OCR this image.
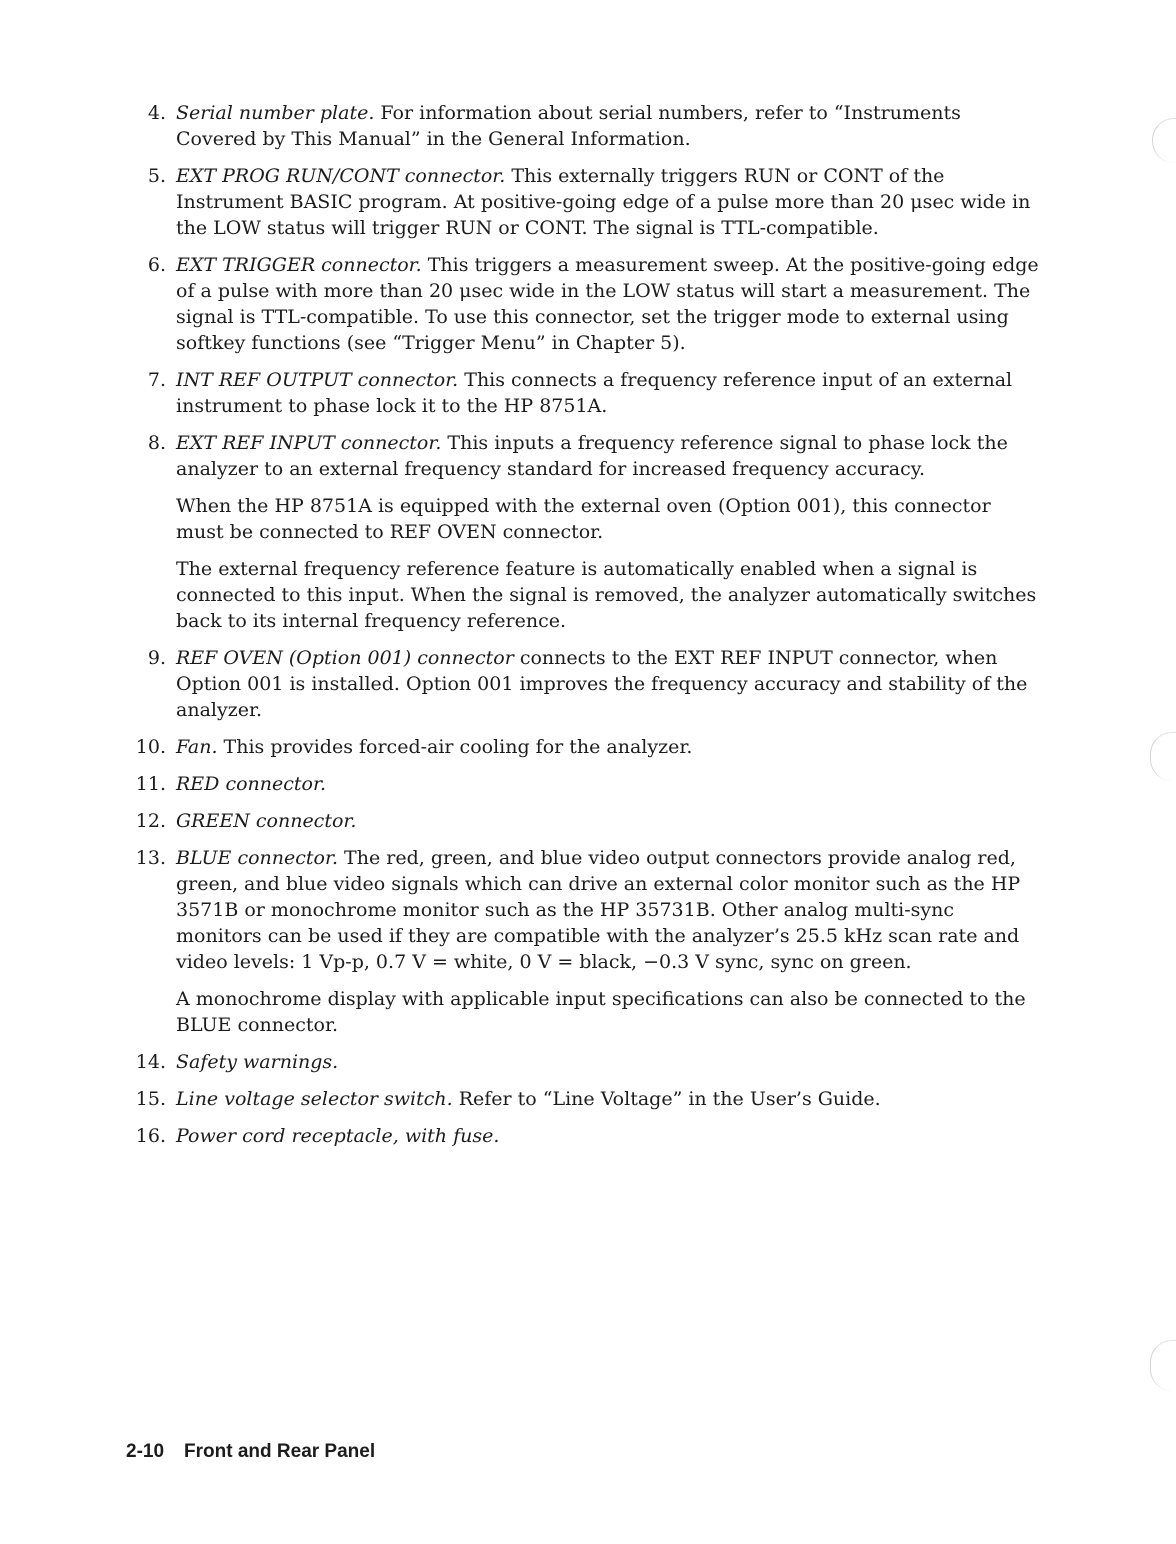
4. Serial number plate. For information about serial numbers, refer to “Instruments Covered by This Manual” in the General Information.

5. EXT PROG RUN/CONT connector. This externally triggers RUN or CONT of the Instrument BASIC program. At positive-going edge of a pulse more than 20 μsec wide in the LOW status will trigger RUN or CONT. The signal is TTL-compatible.

6. EXT TRIGGER connector. This triggers a measurement sweep. At the positive-going edge of a pulse with more than 20 μsec wide in the LOW status will start a measurement. The signal is TTL-compatible. To use this connector, set the trigger mode to external using softkey functions (see “Trigger Menu” in Chapter 5).

7. INT REF OUTPUT connector. This connects a frequency reference input of an external instrument to phase lock it to the HP 8751A.

8. EXT REF INPUT connector. This inputs a frequency reference signal to phase lock the analyzer to an external frequency standard for increased frequency accuracy.

When the HP 8751A is equipped with the external oven (Option 001), this connector must be connected to REF OVEN connector.

The external frequency reference feature is automatically enabled when a signal is connected to this input. When the signal is removed, the analyzer automatically switches back to its internal frequency reference.

9. REF OVEN (Option 001) connector connects to the EXT REF INPUT connector, when Option 001 is installed. Option 001 improves the frequency accuracy and stability of the analyzer.

10. Fan. This provides forced-air cooling for the analyzer.

11. RED connector.

12. GREEN connector.

13. BLUE connector. The red, green, and blue video output connectors provide analog red, green, and blue video signals which can drive an external color monitor such as the HP 3571B or monochrome monitor such as the HP 35731B. Other analog multi-sync monitors can be used if they are compatible with the analyzer’s 25.5 kHz scan rate and video levels: 1 Vp-p, 0.7 V = white, 0 V = black, −0.3 V sync, sync on green.

A monochrome display with applicable input specifications can also be connected to the BLUE connector.

14. Safety warnings.

15. Line voltage selector switch. Refer to “Line Voltage” in the User’s Guide.

16. Power cord receptacle, with fuse.

2-10 Front and Rear Panel
